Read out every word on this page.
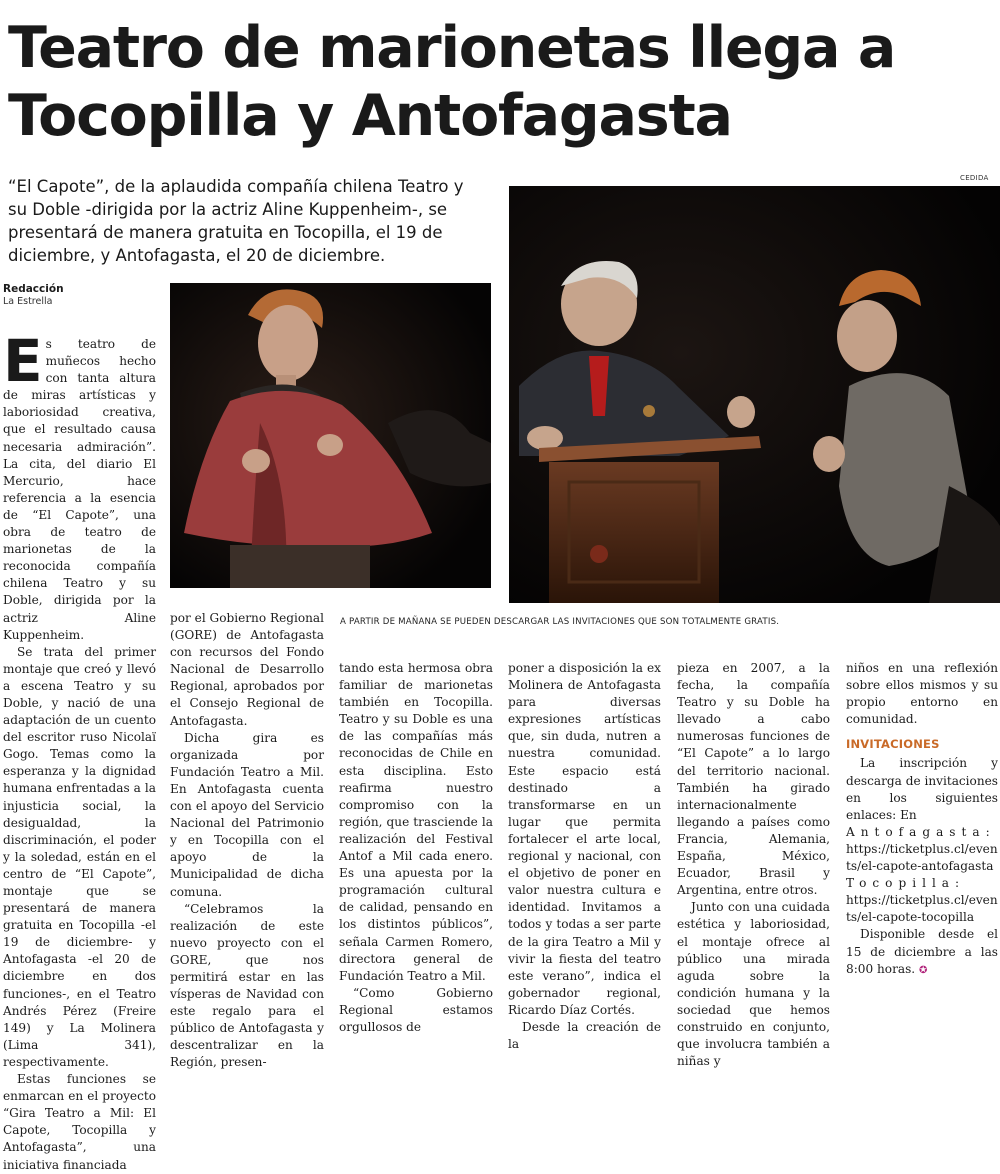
Teatro de marionetas llega a
Tocopilla y Antofagasta
“El Capote”, de la aplaudida compañía chilena Teatro y su Doble -dirigida por la actriz Aline Kuppenheim-, se presentará de manera gratuita en Tocopilla, el 19 de diciembre, y Antofagasta, el 20 de diciembre.
CEDIDA
Redacción
La Estrella
A PARTIR DE MAÑANA SE PUEDEN DESCARGAR LAS INVITACIONES QUE SON TOTALMENTE GRATIS.

E s teatro de muñecos hecho con tanta altura de miras artísticas y laboriosidad creativa, que el resultado causa necesaria admiración”. La cita, del diario El Mercurio, hace referencia a la esencia de “El Capote”, una obra de teatro de marionetas de la reconocida compañía chilena Teatro y su Doble, dirigida por la actriz Aline Kuppenheim.

Se trata del primer montaje que creó y llevó a escena Teatro y su Doble, y nació de una adaptación de un cuento del escritor ruso Nicolaï Gogo. Temas como la esperanza y la dignidad humana enfrentadas a la injusticia social, la desigualdad, la discriminación, el poder y la soledad, están en el centro de “El Capote”, montaje que se presentará de manera gratuita en Tocopilla -el 19 de diciembre- y Antofagasta -el 20 de diciembre en dos funciones-, en el Teatro Andrés Pérez (Freire 149) y La Molinera (Lima 341), respectivamente.

Estas funciones se enmarcan en el proyecto “Gira Teatro a Mil: El Capote, Tocopilla y Antofagasta”, una iniciativa financiada

por el Gobierno Regional (GORE) de Antofagasta con recursos del Fondo Nacional de Desarrollo Regional, aprobados por el Consejo Regional de Antofagasta.

Dicha gira es organizada por Fundación Teatro a Mil. En Antofagasta cuenta con el apoyo del Servicio Nacional del Patrimonio y en Tocopilla con el apoyo de la Municipalidad de dicha comuna.

“Celebramos la realización de este nuevo proyecto con el GORE, que nos permitirá estar en las vísperas de Navidad con este regalo para el público de Antofagasta y descentralizar en la Región, presen-

tando esta hermosa obra familiar de marionetas también en Tocopilla. Teatro y su Doble es una de las compañías más reconocidas de Chile en esta disciplina. Esto reafirma nuestro compromiso con la región, que trasciende la realización del Festival Antof a Mil cada enero. Es una apuesta por la programación cultural de calidad, pensando en los distintos públicos”, señala Carmen Romero, directora general de Fundación Teatro a Mil.

“Como Gobierno Regional estamos orgullosos de

poner a disposición la ex Molinera de Antofagasta para diversas expresiones artísticas que, sin duda, nutren a nuestra comunidad. Este espacio está destinado a transformarse en un lugar que permita fortalecer el arte local, regional y nacional, con el objetivo de poner en valor nuestra cultura e identidad. Invitamos a todos y todas a ser parte de la gira Teatro a Mil y vivir la fiesta del teatro este verano”, indica el gobernador regional, Ricardo Díaz Cortés.

Desde la creación de la

pieza en 2007, a la fecha, la compañía Teatro y su Doble ha llevado a cabo numerosas funciones de “El Capote” a lo largo del territorio nacional. También ha girado internacionalmente llegando a países como Francia, Alemania, España, México, Ecuador, Brasil y Argentina, entre otros.

Junto con una cuidada estética y laboriosidad, el montaje ofrece al público una mirada aguda sobre la condición humana y la sociedad que hemos construido en conjunto, que involucra también a niñas y

niños en una reflexión sobre ellos mismos y su propio entorno en comunidad.

INVITACIONES

La inscripción y descarga de invitaciones en los siguientes enlaces: En

Antofagasta:

https://ticketplus.cl/events/el-capote-antofagasta

Tocopilla:

https://ticketplus.cl/events/el-capote-tocopilla

Disponible desde el 15 de diciembre a las 8:00 horas. ✪
